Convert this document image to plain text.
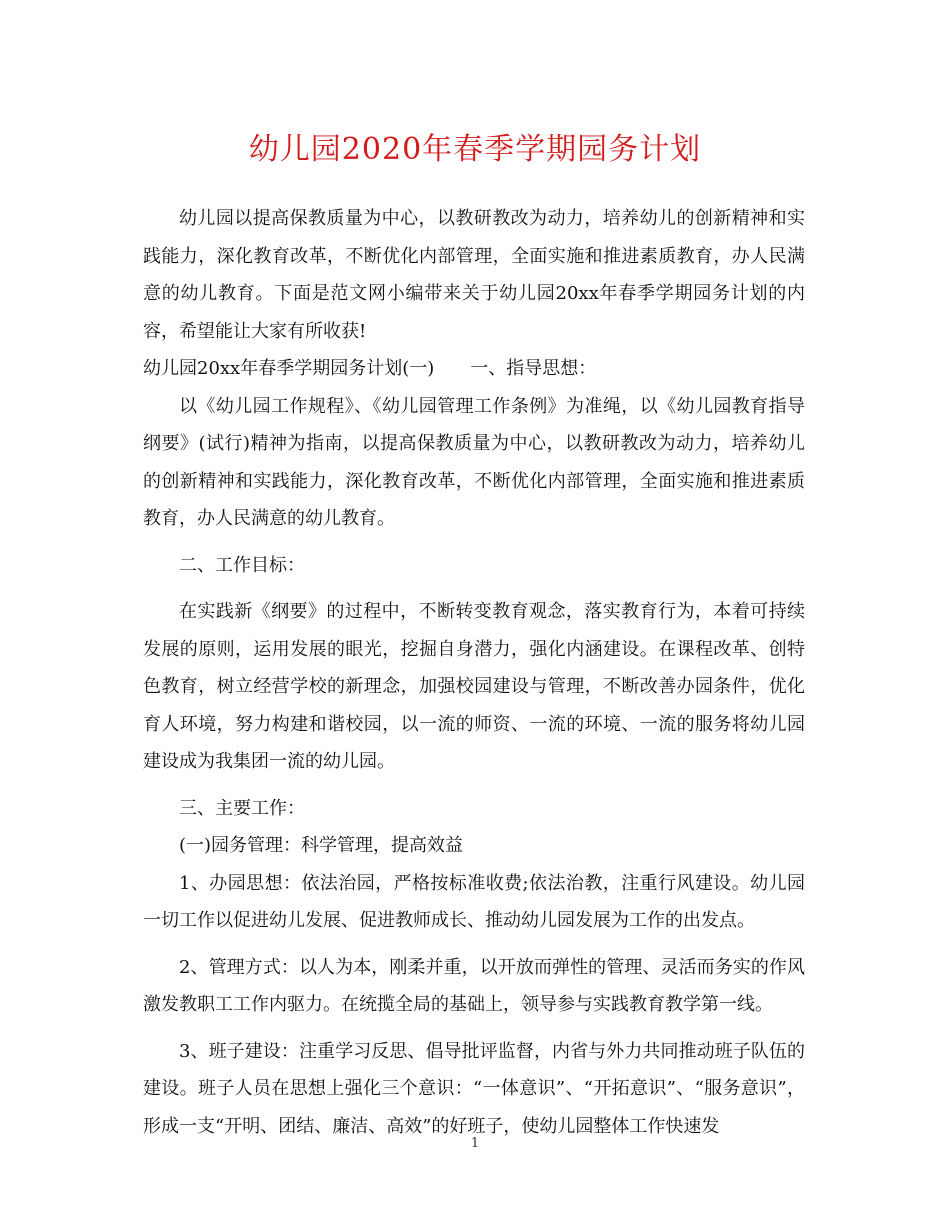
幼儿园2020年春季学期园务计划

幼儿园以提高保教质量为中心，以教研教改为动力，培养幼儿的创新精神和实践能力，深化教育改革，不断优化内部管理，全面实施和推进素质教育，办人民满意的幼儿教育。下面是范文网小编带来关于幼儿园20xx年春季学期园务计划的内容，希望能让大家有所收获!

幼儿园20xx年春季学期园务计划(一)　　一、指导思想：

以《幼儿园工作规程》、《幼儿园管理工作条例》为准绳，以《幼儿园教育指导纲要》(试行)精神为指南，以提高保教质量为中心，以教研教改为动力，培养幼儿的创新精神和实践能力，深化教育改革，不断优化内部管理，全面实施和推进素质教育，办人民满意的幼儿教育。

二、工作目标：

在实践新《纲要》的过程中，不断转变教育观念，落实教育行为，本着可持续发展的原则，运用发展的眼光，挖掘自身潜力，强化内涵建设。在课程改革、创特色教育，树立经营学校的新理念，加强校园建设与管理，不断改善办园条件，优化育人环境，努力构建和谐校园，以一流的师资、一流的环境、一流的服务将幼儿园建设成为我集团一流的幼儿园。

三、主要工作：

(一)园务管理：科学管理，提高效益

1、办园思想：依法治园，严格按标准收费;依法治教，注重行风建设。幼儿园一切工作以促进幼儿发展、促进教师成长、推动幼儿园发展为工作的出发点。

2、管理方式：以人为本，刚柔并重，以开放而弹性的管理、灵活而务实的作风激发教职工工作内驱力。在统揽全局的基础上，领导参与实践教育教学第一线。

3、班子建设：注重学习反思、倡导批评监督，内省与外力共同推动班子队伍的建设。班子人员在思想上强化三个意识：“一体意识”、“开拓意识”、“服务意识”，形成一支“开明、团结、廉洁、高效”的好班子，使幼儿园整体工作快速发

1
